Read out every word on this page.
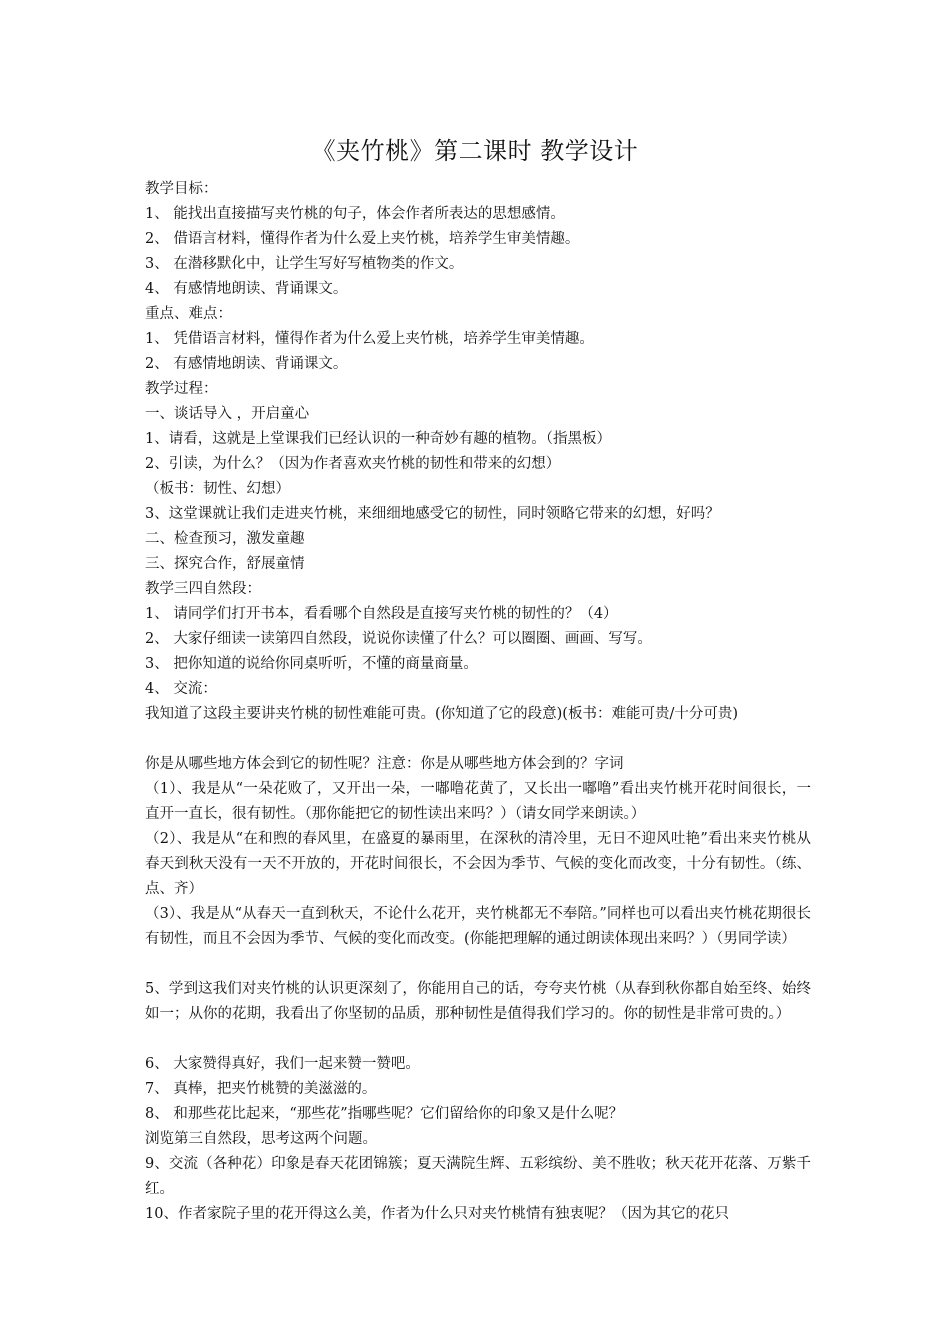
《夹竹桃》第二课时 教学设计
教学目标：
1、 能找出直接描写夹竹桃的句子，体会作者所表达的思想感情。
2、 借语言材料，懂得作者为什么爱上夹竹桃，培养学生审美情趣。
3、 在潜移默化中，让学生写好写植物类的作文。
4、 有感情地朗读、背诵课文。
重点、难点：
1、 凭借语言材料，懂得作者为什么爱上夹竹桃，培养学生审美情趣。
2、 有感情地朗读、背诵课文。
教学过程：
一、谈话导入 ，开启童心
1、请看，这就是上堂课我们已经认识的一种奇妙有趣的植物。（指黑板）
2、引读，为什么？（因为作者喜欢夹竹桃的韧性和带来的幻想）
（板书：韧性、幻想）
3、这堂课就让我们走进夹竹桃，来细细地感受它的韧性，同时领略它带来的幻想，好吗？
二、检查预习，激发童趣
三、探究合作，舒展童情
教学三四自然段：
1、 请同学们打开书本，看看哪个自然段是直接写夹竹桃的韧性的？（4）
2、 大家仔细读一读第四自然段，说说你读懂了什么？可以圈圈、画画、写写。
3、 把你知道的说给你同桌听听，不懂的商量商量。
4、 交流：
我知道了这段主要讲夹竹桃的韧性难能可贵。(你知道了它的段意)(板书：难能可贵/十分可贵)
你是从哪些地方体会到它的韧性呢？注意：你是从哪些地方体会到的？字词
（1）、我是从“一朵花败了，又开出一朵，一嘟噜花黄了，又长出一嘟噜”看出夹竹桃开花时间很长，一直开一直长，很有韧性。（那你能把它的韧性读出来吗？）（请女同学来朗读。）
（2）、我是从“在和煦的春风里，在盛夏的暴雨里，在深秋的清冷里，无日不迎风吐艳”看出来夹竹桃从春天到秋天没有一天不开放的，开花时间很长，不会因为季节、气候的变化而改变，十分有韧性。（练、点、齐）
（3）、我是从“从春天一直到秋天，不论什么花开，夹竹桃都无不奉陪。”同样也可以看出夹竹桃花期很长有韧性，而且不会因为季节、气候的变化而改变。(你能把理解的通过朗读体现出来吗？）（男同学读）
5、学到这我们对夹竹桃的认识更深刻了，你能用自己的话，夸夸夹竹桃（从春到秋你都自始至终、始终如一；从你的花期，我看出了你坚韧的品质，那种韧性是值得我们学习的。你的韧性是非常可贵的。）
6、 大家赞得真好，我们一起来赞一赞吧。
7、 真棒，把夹竹桃赞的美滋滋的。
8、 和那些花比起来，“那些花”指哪些呢？它们留给你的印象又是什么呢？
浏览第三自然段，思考这两个问题。
9、交流（各种花）印象是春天花团锦簇；夏天满院生辉、五彩缤纷、美不胜收；秋天花开花落、万紫千红。
10、作者家院子里的花开得这么美，作者为什么只对夹竹桃情有独衷呢？（因为其它的花只
